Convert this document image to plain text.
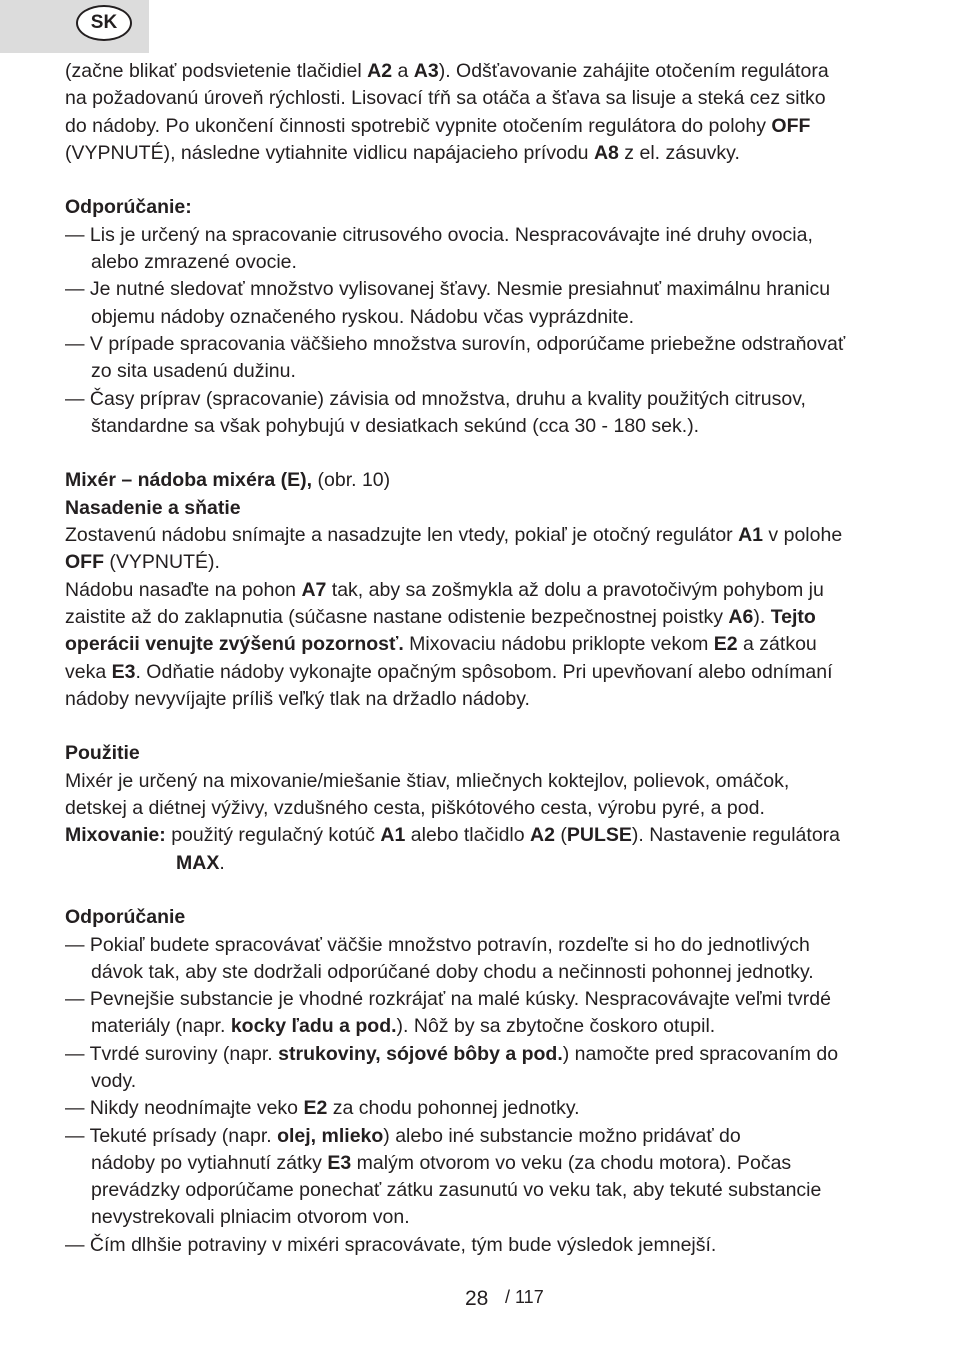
SK
(začne blikať podsvietenie tlačidiel A2 a A3). Odšťavovanie zahájite otočením regulátora
na požadovanú úroveň rýchlosti. Lisovací tŕň sa otáča a šťava sa lisuje a steká cez sitko
do nádoby. Po ukončení činnosti spotrebič vypnite otočením regulátora do polohy OFF
(VYPNUTÉ), následne vytiahnite vidlicu napájacieho prívodu A8 z el. zásuvky.
Odporúčanie:
— Lis je určený na spracovanie citrusového ovocia. Nespracovávajte iné druhy ovocia,
alebo zmrazené ovocie.
— Je nutné sledovať množstvo vylisovanej šťavy. Nesmie presiahnuť maximálnu hranicu
objemu nádoby označeného ryskou. Nádobu včas vyprázdnite.
— V prípade spracovania väčšieho množstva surovín, odporúčame priebežne odstraňovať
zo sita usadenú dužinu.
— Časy príprav (spracovanie) závisia od množstva, druhu a kvality použitých citrusov,
štandardne sa však pohybujú v desiatkach sekúnd (cca 30 - 180 sek.).
Mixér – nádoba mixéra (E), (obr. 10)
Nasadenie a sňatie
Zostavenú nádobu snímajte a nasadzujte len vtedy, pokiaľ je otočný regulátor A1 v polohe
OFF (VYPNUTÉ).
Nádobu nasaďte na pohon A7 tak, aby sa zošmykla až dolu a pravotočivým pohybom ju
zaistite až do zaklapnutia (súčasne nastane odistenie bezpečnostnej poistky A6). Tejto
operácii venujte zvýšenú pozornosť. Mixovaciu nádobu priklopte vekom E2 a zátkou
veka E3. Odňatie nádoby vykonajte opačným spôsobom. Pri upevňovaní alebo odnímaní
nádoby nevyvíjajte príliš veľký tlak na držadlo nádoby.
Použitie
Mixér je určený na mixovanie/miešanie štiav, mliečnych koktejlov, polievok, omáčok,
detskej a diétnej výživy, vzdušného cesta, piškótového cesta, výrobu pyré, a pod.
Mixovanie: použitý regulačný kotúč A1 alebo tlačidlo A2 (PULSE). Nastavenie regulátora
MAX.
Odporúčanie
— Pokiaľ budete spracovávať väčšie množstvo potravín, rozdeľte si ho do jednotlivých
dávok tak, aby ste dodržali odporúčané doby chodu a nečinnosti pohonnej jednotky.
— Pevnejšie substancie je vhodné rozkrájať na malé kúsky. Nespracovávajte veľmi tvrdé
materiály (napr. kocky ľadu a pod.). Nôž by sa zbytočne čoskoro otupil.
— Tvrdé suroviny (napr. strukoviny, sójové bôby a pod.) namočte pred spracovaním do
vody.
— Nikdy neodnímajte veko E2 za chodu pohonnej jednotky.
— Tekuté prísady (napr. olej, mlieko) alebo iné substancie možno pridávať do
nádoby po vytiahnutí zátky E3 malým otvorom vo veku (za chodu motora). Počas
prevádzky odporúčame ponechať zátku zasunutú vo veku tak, aby tekuté substancie
nevystrekovali plniacim otvorom von.
— Čím dlhšie potraviny v mixéri spracovávate, tým bude výsledok jemnejší.
28 / 117
